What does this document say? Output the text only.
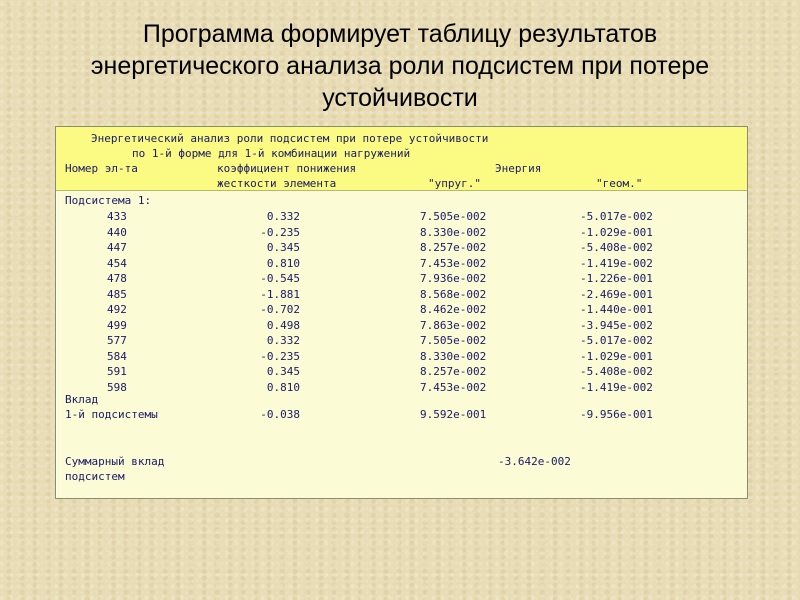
Программа формирует таблицу результатов
энергетического анализа роли подсистем при потере
устойчивости
Энергетический анализ роли подсистем при потере устойчивости
по 1-й форме для 1-й комбинации нагружений
Номер эл-та	коэффициент понижения
жесткости элемента
Энергия
"упруг."	"геом."
Подсистема 1:
433	0.332	7.505e-002	-5.017e-002
440	-0.235	8.330e-002	-1.029e-001
447	0.345	8.257e-002	-5.408e-002
454	0.810	7.453e-002	-1.419e-002
478	-0.545	7.936e-002	-1.226e-001
485	-1.881	8.568e-002	-2.469e-001
492	-0.702	8.462e-002	-1.440e-001
499	0.498	7.863e-002	-3.945e-002
577	0.332	7.505e-002	-5.017e-002
584	-0.235	8.330e-002	-1.029e-001
591	0.345	8.257e-002	-5.408e-002
598	0.810	7.453e-002	-1.419e-002
Вклад
1-й подсистемы	-0.038	9.592e-001	-9.956e-001
Суммарный вклад
подсистем
-3.642e-002
